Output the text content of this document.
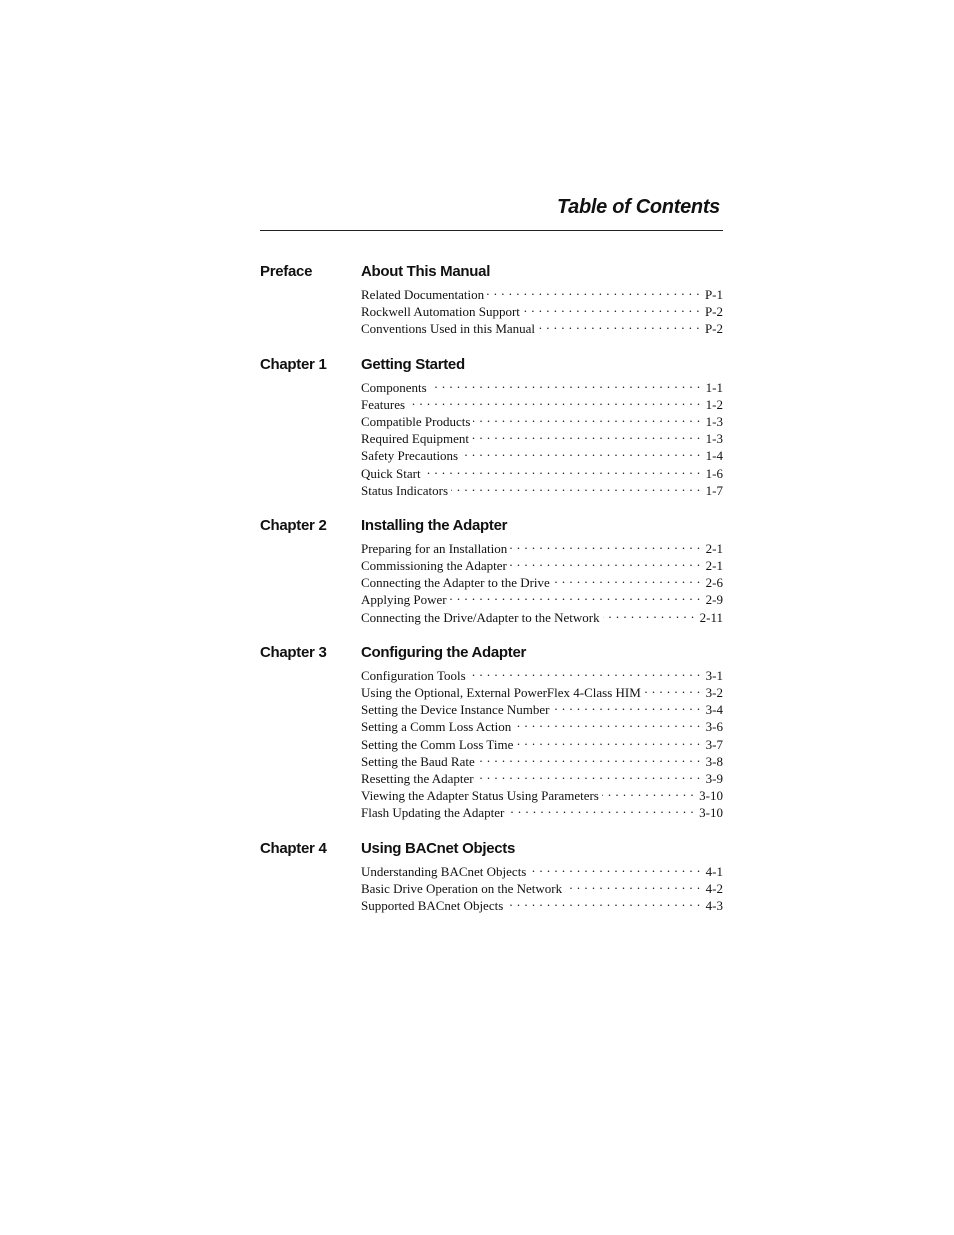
Table of Contents
Preface	About This Manual
Related Documentation . . .	P-1
Rockwell Automation Support . . .	P-2
Conventions Used in this Manual . . .	P-2
Chapter 1 Getting Started
Components . . .	1-1
Features . . .	1-2
Compatible Products . . .	1-3
Required Equipment . . .	1-3
Safety Precautions . . .	1-4
Quick Start . . .	1-6
Status Indicators . . .	1-7
Chapter 2 Installing the Adapter
Preparing for an Installation . . .	2-1
Commissioning the Adapter . . .	2-1
Connecting the Adapter to the Drive . . .	2-6
Applying Power . . .	2-9
Connecting the Drive/Adapter to the Network . . .	2-11
Chapter 3 Configuring the Adapter
Configuration Tools . . .	3-1
Using the Optional, External PowerFlex 4-Class HIM . . .	3-2
Setting the Device Instance Number . . .	3-4
Setting a Comm Loss Action . . .	3-6
Setting the Comm Loss Time . . .	3-7
Setting the Baud Rate . . .	3-8
Resetting the Adapter . . .	3-9
Viewing the Adapter Status Using Parameters . . .	3-10
Flash Updating the Adapter . . .	3-10
Chapter 4 Using BACnet Objects
Understanding BACnet Objects . . .	4-1
Basic Drive Operation on the Network . . .	4-2
Supported BACnet Objects . . .	4-3
